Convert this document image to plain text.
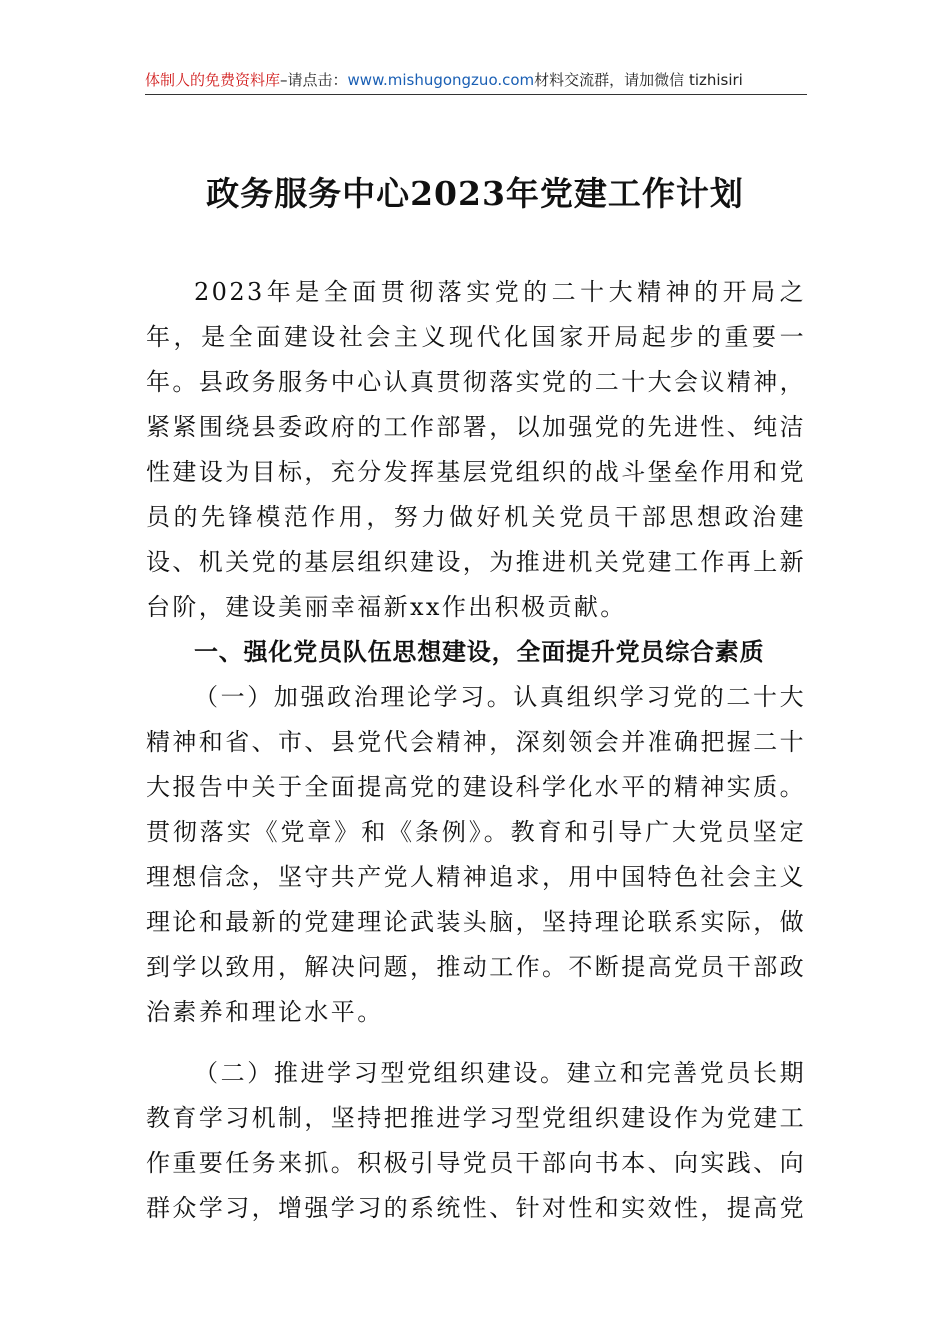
体制人的免费资料库–请点击：www.mishugongzuo.com材料交流群，请加微信 tizhisiri
政务服务中心2023年党建工作计划

2023年是全面贯彻落实党的二十大精神的开局之年，是全面建设社会主义现代化国家开局起步的重要一年。县政务服务中心认真贯彻落实党的二十大会议精神，紧紧围绕县委政府的工作部署，以加强党的先进性、纯洁性建设为目标，充分发挥基层党组织的战斗堡垒作用和党员的先锋模范作用，努力做好机关党员干部思想政治建设、机关党的基层组织建设，为推进机关党建工作再上新台阶，建设美丽幸福新xx作出积极贡献。

一、强化党员队伍思想建设，全面提升党员综合素质

（一）加强政治理论学习。认真组织学习党的二十大精神和省、市、县党代会精神，深刻领会并准确把握二十大报告中关于全面提高党的建设科学化水平的精神实质。贯彻落实《党章》和《条例》。教育和引导广大党员坚定理想信念，坚守共产党人精神追求，用中国特色社会主义理论和最新的党建理论武装头脑，坚持理论联系实际，做到学以致用，解决问题，推动工作。不断提高党员干部政治素养和理论水平。

（二）推进学习型党组织建设。建立和完善党员长期教育学习机制，坚持把推进学习型党组织建设作为党建工作重要任务来抓。积极引导党员干部向书本、向实践、向群众学习，增强学习的系统性、针对性和实效性，提高党
